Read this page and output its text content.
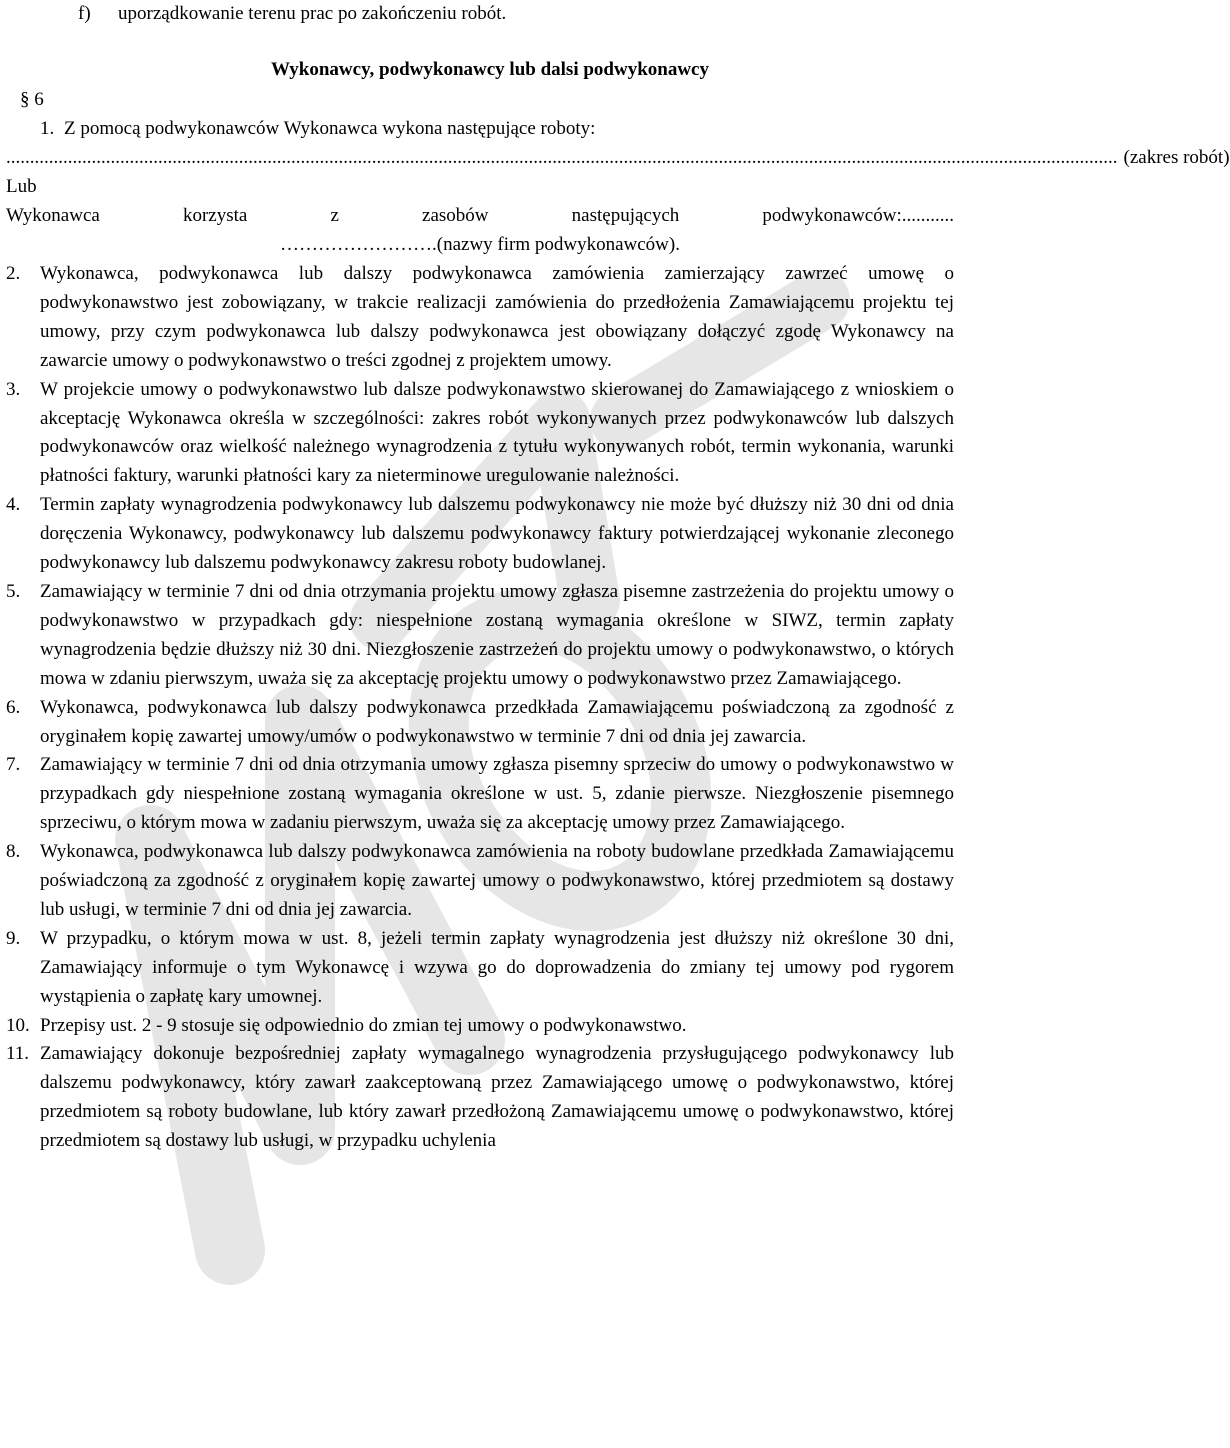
f) uporządkowanie terenu prac po zakończeniu robót.
Wykonawcy, podwykonawcy lub dalsi podwykonawcy
§ 6
1. Z pomocą podwykonawców Wykonawca wykona następujące roboty:
.......................................................................................................................................................................................................................................... (zakres robót)
Lub
Wykonawca korzysta z zasobów następujących podwykonawców:...........
…………………….(nazwy firm podwykonawców).

2.	Wykonawca, podwykonawca lub dalszy podwykonawca zamówienia zamierzający zawrzeć umowę o podwykonawstwo jest zobowiązany, w trakcie realizacji zamówienia do przedłożenia Zamawiającemu projektu tej umowy, przy czym podwykonawca lub dalszy podwykonawca jest obowiązany dołączyć zgodę Wykonawcy na zawarcie umowy o podwykonawstwo o treści zgodnej z projektem umowy.

3.	W projekcie umowy o podwykonawstwo lub dalsze podwykonawstwo skierowanej do Zamawiającego z wnioskiem o akceptację Wykonawca określa w szczególności: zakres robót wykonywanych przez podwykonawców lub dalszych podwykonawców oraz wielkość należnego wynagrodzenia z tytułu wykonywanych robót, termin wykonania, warunki płatności faktury, warunki płatności kary za nieterminowe uregulowanie należności.

4.	Termin zapłaty wynagrodzenia podwykonawcy lub dalszemu podwykonawcy nie może być dłuższy niż 30 dni od dnia doręczenia Wykonawcy, podwykonawcy lub dalszemu podwykonawcy faktury potwierdzającej wykonanie zleconego podwykonawcy lub dalszemu podwykonawcy zakresu roboty budowlanej.

5.	Zamawiający w terminie 7 dni od dnia otrzymania projektu umowy zgłasza pisemne zastrzeżenia do projektu umowy o podwykonawstwo w przypadkach gdy: niespełnione zostaną wymagania określone w SIWZ, termin zapłaty wynagrodzenia będzie dłuższy niż 30 dni. Niezgłoszenie zastrzeżeń do projektu umowy o podwykonawstwo, o których mowa w zdaniu pierwszym, uważa się za akceptację projektu umowy o podwykonawstwo przez Zamawiającego.

6.	Wykonawca, podwykonawca lub dalszy podwykonawca przedkłada Zamawiającemu poświadczoną za zgodność z oryginałem kopię zawartej umowy/umów o podwykonawstwo w terminie 7 dni od dnia jej zawarcia.

7.	Zamawiający w terminie 7 dni od dnia otrzymania umowy zgłasza pisemny sprzeciw do umowy o podwykonawstwo w przypadkach gdy niespełnione zostaną wymagania określone w ust. 5, zdanie pierwsze. Niezgłoszenie pisemnego sprzeciwu, o którym mowa w zadaniu pierwszym, uważa się za akceptację umowy przez Zamawiającego.

8.	Wykonawca, podwykonawca lub dalszy podwykonawca zamówienia na roboty budowlane przedkłada Zamawiającemu poświadczoną za zgodność z oryginałem kopię zawartej umowy o podwykonawstwo, której przedmiotem są dostawy lub usługi, w terminie 7 dni od dnia jej zawarcia.

9.	W przypadku, o którym mowa w ust. 8, jeżeli termin zapłaty wynagrodzenia jest dłuższy niż określone 30 dni, Zamawiający informuje o tym Wykonawcę i wzywa go do doprowadzenia do zmiany tej umowy pod rygorem wystąpienia o zapłatę kary umownej.

10. Przepisy ust. 2 - 9 stosuje się odpowiednio do zmian tej umowy o podwykonawstwo.

11. Zamawiający dokonuje bezpośredniej zapłaty wymagalnego wynagrodzenia przysługującego podwykonawcy lub dalszemu podwykonawcy, który zawarł zaakceptowaną przez Zamawiającego umowę o podwykonawstwo, której przedmiotem są roboty budowlane, lub który zawarł przedłożoną Zamawiającemu umowę o podwykonawstwo, której przedmiotem są dostawy lub usługi, w przypadku uchylenia
